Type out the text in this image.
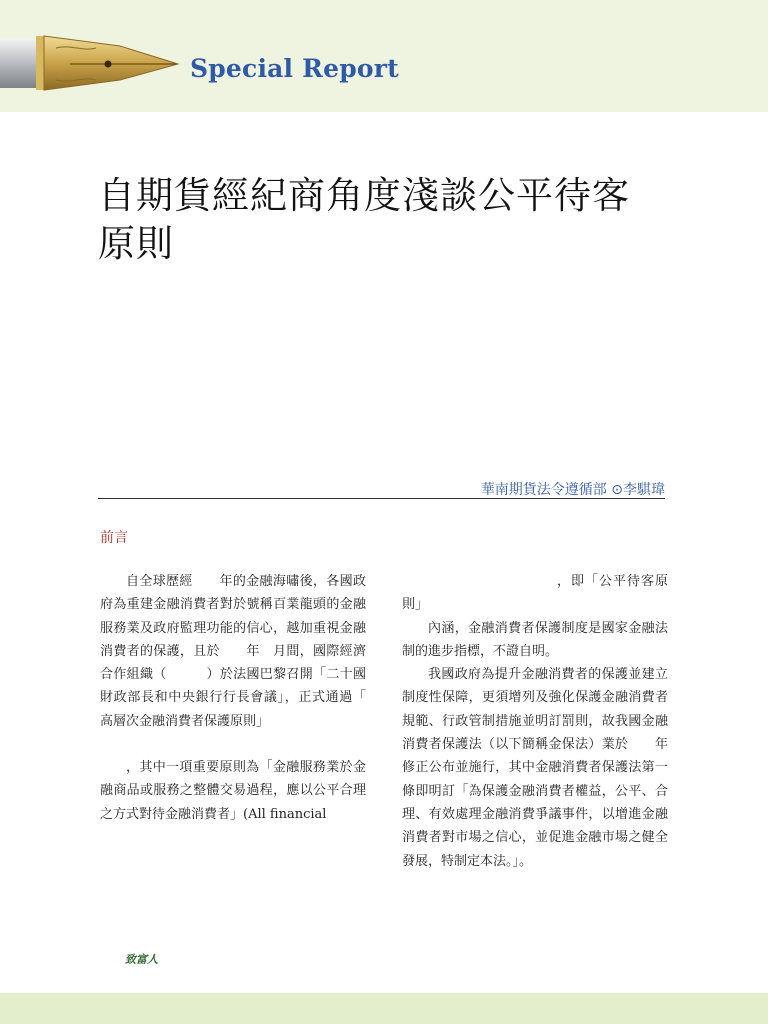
Special Report
自期貨經紀商角度淺談公平待客原則
華南期貨法令遵循部 ⊙李騏瑋
前言

自全球歷經　　年的金融海嘯後，各國政府為重建金融消費者對於號稱百業龍頭的金融服務業及政府監理功能的信心，越加重視金融消費者的保護，且於　　年　月間，國際經濟合作組織（　　　）於法國巴黎召開「二十國財政部長和中央銀行行長會議」，正式通過「　　高層次金融消費者保護原則」

，其中一項重要原則為「金融服務業於金融商品或服務之整體交易過程，應以公平合理之方式對待金融消費者」(All financial

，即「公平待客原則」

內涵，金融消費者保護制度是國家金融法制的進步指標，不證自明。

我國政府為提升金融消費者的保護並建立制度性保障，更須增列及強化保護金融消費者規範、行政管制措施並明訂罰則，故我國金融消費者保護法（以下簡稱金保法）業於　　年修正公布並施行，其中金融消費者保護法第一條即明訂「為保護金融消費者權益，公平、合理、有效處理金融消費爭議事件，以增進金融消費者對市場之信心，並促進金融市場之健全發展，特制定本法。」。

致富人
